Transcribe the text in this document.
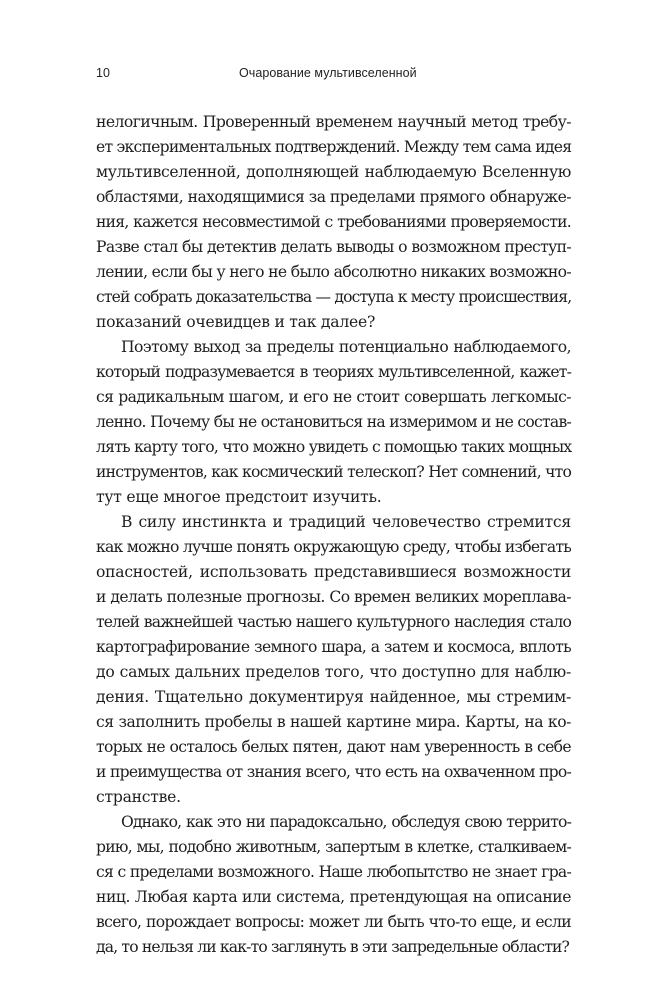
10	Очарование мультивселенной
нелогичным. Проверенный временем научный метод требу-
ет экспериментальных подтверждений. Между тем сама идея
мультивселенной, дополняющей наблюдаемую Вселенную
областями, находящимися за пределами прямого обнаруже-
ния, кажется несовместимой с требованиями проверяемости.
Разве стал бы детектив делать выводы о возможном преступ-
лении, если бы у него не было абсолютно никаких возможно-
стей собрать доказательства — доступа к месту происшествия,
показаний очевидцев и так далее?
Поэтому выход за пределы потенциально наблюдаемого,
который подразумевается в теориях мультивселенной, кажет-
ся радикальным шагом, и его не стоит совершать легкомыс-
ленно. Почему бы не остановиться на измеримом и не состав-
лять карту того, что можно увидеть с помощью таких мощных
инструментов, как космический телескоп? Нет сомнений, что
тут еще многое предстоит изучить.
В силу инстинкта и традиций человечество стремится
как можно лучше понять окружающую среду, чтобы избегать
опасностей, использовать представившиеся возможности
и делать полезные прогнозы. Со времен великих мореплава-
телей важнейшей частью нашего культурного наследия стало
картографирование земного шара, а затем и космоса, вплоть
до самых дальних пределов того, что доступно для наблю-
дения. Тщательно документируя найденное, мы стремим-
ся заполнить пробелы в нашей картине мира. Карты, на ко-
торых не осталось белых пятен, дают нам уверенность в себе
и преимущества от знания всего, что есть на охваченном про-
странстве.
Однако, как это ни парадоксально, обследуя свою террито-
рию, мы, подобно животным, запертым в клетке, сталкиваем-
ся с пределами возможного. Наше любопытство не знает гра-
ниц. Любая карта или система, претендующая на описание
всего, порождает вопросы: может ли быть что-то еще, и если
да, то нельзя ли как-то заглянуть в эти запредельные области?
